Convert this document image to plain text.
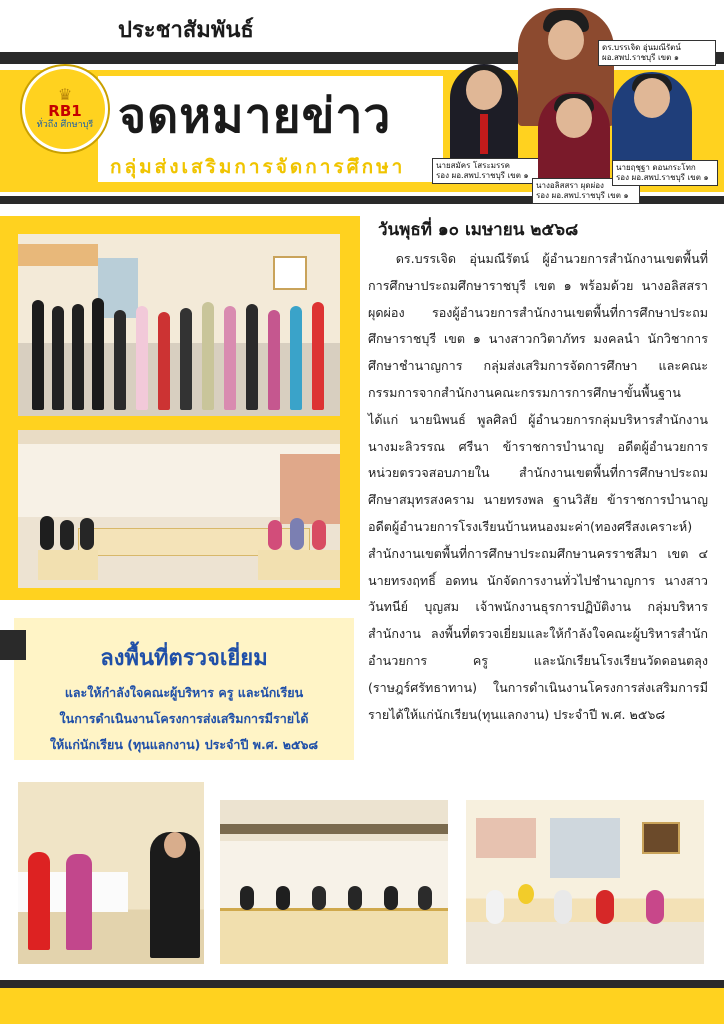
ประชาสัมพันธ์
♛
RB1
ทั่วถึง ศึกษาบุรี จดหมายข่าว
กลุ่มส่งเสริมการจัดการศึกษา
ดร.บรรเจิด อุ่นมณีรัตน์
ผอ.สพป.ราชบุรี เขต ๑
นายสมัคร โสระมรรค
รอง ผอ.สพป.ราชบุรี เขต ๑
นางอลิสสรา ผุดผ่อง
รอง ผอ.สพป.ราชบุรี เขต ๑
นายฤชุฐา ดอนกระโทก
รอง ผอ.สพป.ราชบุรี เขต ๑
ลงพื้นที่ตรวจเยี่ยม
และให้กำลังใจคณะผู้บริหาร ครู และนักเรียน
ในการดำเนินงานโครงการส่งเสริมการมีรายได้
ให้แก่นักเรียน (ทุนแลกงาน) ประจำปี พ.ศ. ๒๕๖๘
วันพุธที่ ๑๐ เมษายน ๒๕๖๘
ดร.บรรเจิด อุ่นมณีรัตน์ ผู้อำนวยการสำนักงานเขตพื้นที่การศึกษาประถมศึกษาราชบุรี เขต ๑ พร้อมด้วย นางอลิสสรา ผุดผ่อง รองผู้อำนวยการสำนักงานเขตพื้นที่การศึกษาประถมศึกษาราชบุรี เขต ๑ นางสาวกวิตาภัทร มงคลนำ นักวิชาการศึกษาชำนาญการ กลุ่มส่งเสริมการจัดการศึกษา และคณะกรรมการจากสำนักงานคณะกรรมการการศึกษาขั้นพื้นฐาน ได้แก่ นายนิพนธ์ พูลศิลป์ ผู้อำนวยการกลุ่มบริหารสำนักงาน นางมะลิวรรณ ศรีนา ข้าราชการบำนาญ อดีตผู้อำนวยการหน่วยตรวจสอบภายใน สำนักงานเขตพื้นที่การศึกษาประถมศึกษาสมุทรสงคราม นายทรงพล ฐานวิสัย ข้าราชการบำนาญ อดีตผู้อำนวยการโรงเรียนบ้านหนองมะค่า(ทองศรีสงเคราะห์) สำนักงานเขตพื้นที่การศึกษาประถมศึกษานครราชสีมา เขต ๔ นายทรงฤทธิ์ อดทน นักจัดการงานทั่วไปชำนาญการ นางสาววันทนีย์ บุญสม เจ้าพนักงานธุรการปฏิบัติงาน กลุ่มบริหารสำนักงาน ลงพื้นที่ตรวจเยี่ยมและให้กำลังใจคณะผู้บริหารสำนักอำนวยการ ครู และนักเรียนโรงเรียนวัดดอนตลุง (ราษฎร์ศรัทธาทาน) ในการดำเนินงานโครงการส่งเสริมการมีรายได้ให้แก่นักเรียน(ทุนแลกงาน) ประจำปี พ.ศ. ๒๕๖๘
